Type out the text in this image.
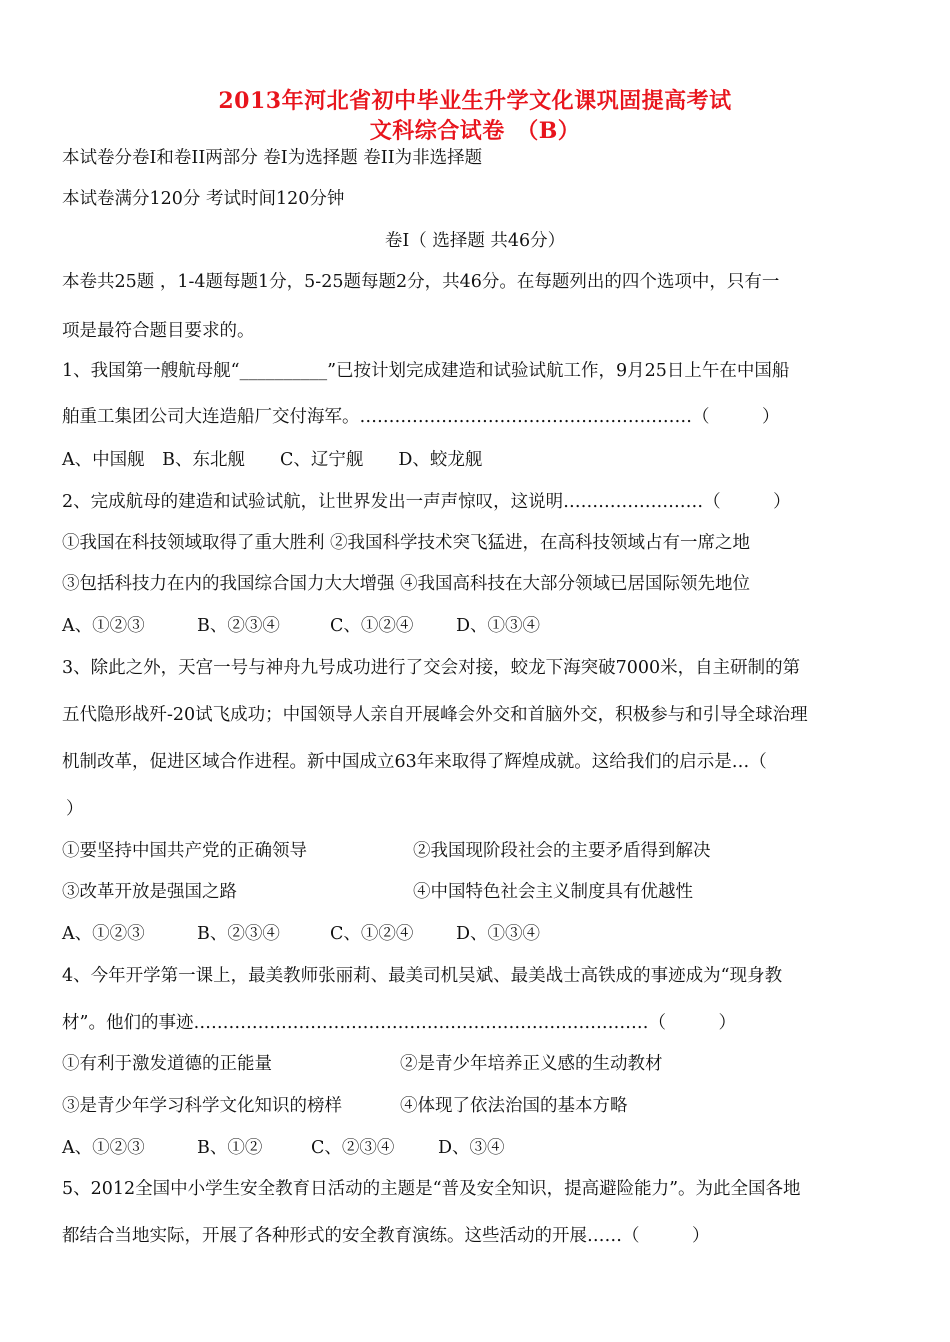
2013年河北省初中毕业生升学文化课巩固提高考试
文科综合试卷　（B）
本试卷分卷I和卷II两部分 卷I为选择题 卷II为非选择题
本试卷满分120分 考试时间120分钟
卷I（ 选择题 共46分）
本卷共25题 ，1-4题每题1分，5-25题每题2分，共46分。在每题列出的四个选项中，只有一
项是最符合题目要求的。
1、我国第一艘航母舰“__________”已按计划完成建造和试验试航工作，9月25日上午在中国船
舶重工集团公司大连造船厂交付海军。…………………………………………………（　　　）
A、中国舰　B、东北舰　　C、辽宁舰　　D、蛟龙舰
2、完成航母的建造和试验试航，让世界发出一声声惊叹，这说明……………………（　　　）
①我国在科技领域取得了重大胜利 ②我国科学技术突飞猛进，在高科技领域占有一席之地
③包括科技力在内的我国综合国力大大增强 ④我国高科技在大部分领域已居国际领先地位
A、①②③	B、②③④	C、①②④ D、①③④
3、除此之外，天宫一号与神舟九号成功进行了交会对接，蛟龙下海突破7000米，自主研制的第
五代隐形战歼-20试飞成功；中国领导人亲自开展峰会外交和首脑外交，积极参与和引导全球治理
机制改革，促进区域合作进程。新中国成立63年来取得了辉煌成就。这给我们的启示是…（
）
①要坚持中国共产党的正确领导	②我国现阶段社会的主要矛盾得到解决
③改革开放是强国之路	④中国特色社会主义制度具有优越性
A、①②③	B、②③④	C、①②④ D、①③④
4、今年开学第一课上，最美教师张丽莉、最美司机吴斌、最美战士高铁成的事迹成为“现身教
材”。他们的事迹……………………………………………………………………（　　　）
①有利于激发道德的正能量	②是青少年培养正义感的生动教材
③是青少年学习科学文化知识的榜样	④体现了依法治国的基本方略
A、①②③	B、①②	C、②③④ D、③④
5、2012全国中小学生安全教育日活动的主题是“普及安全知识，提高避险能力”。为此全国各地
都结合当地实际，开展了各种形式的安全教育演练。这些活动的开展……（　　　）
